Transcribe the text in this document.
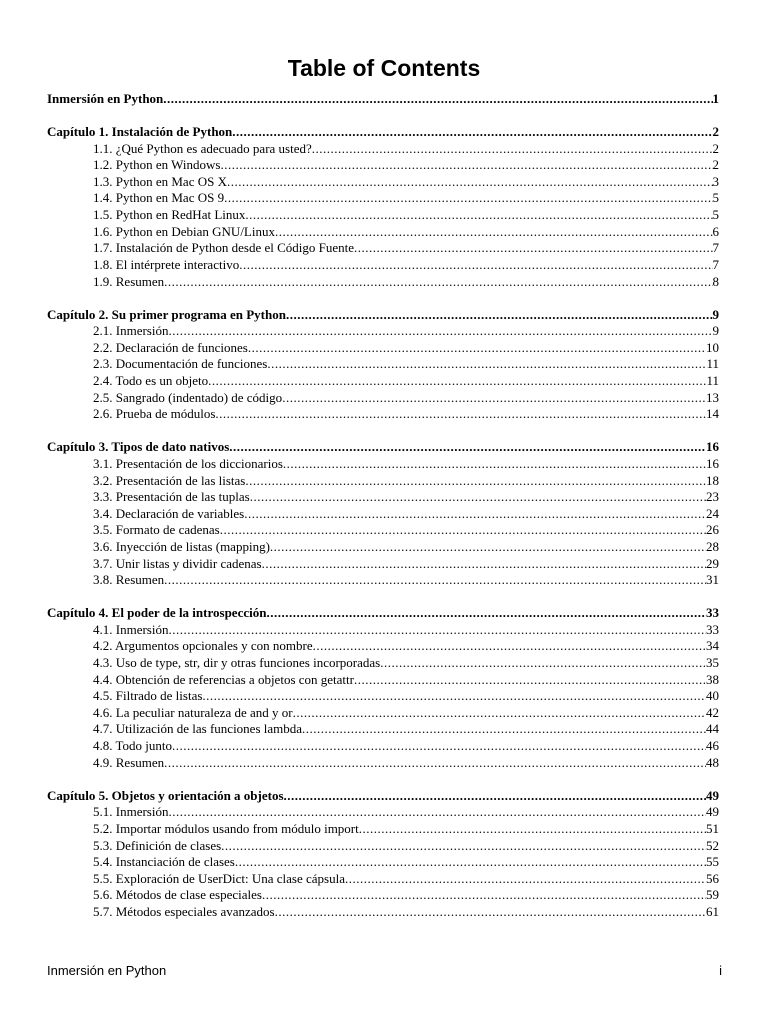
Table of Contents
Inmersión en Python .....	1
Capítulo 1. Instalación de Python .....	2
1.1. ¿Qué Python es adecuado para usted? .....	2
1.2. Python en Windows .....	2
1.3. Python en Mac OS X .....	3
1.4. Python en Mac OS 9 .....	5
1.5. Python en RedHat Linux .....	5
1.6. Python en Debian GNU/Linux .....	6
1.7. Instalación de Python desde el Código Fuente .....	7
1.8. El intérprete interactivo .....	7
1.9. Resumen .....	8
Capítulo 2. Su primer programa en Python .....	9
2.1. Inmersión .....	9
2.2. Declaración de funciones .....	10
2.3. Documentación de funciones .....	11
2.4. Todo es un objeto .....	11
2.5. Sangrado (indentado) de código .....	13
2.6. Prueba de módulos .....	14
Capítulo 3. Tipos de dato nativos .....	16
3.1. Presentación de los diccionarios .....	16
3.2. Presentación de las listas .....	18
3.3. Presentación de las tuplas .....	23
3.4. Declaración de variables .....	24
3.5. Formato de cadenas .....	26
3.6. Inyección de listas (mapping) .....	28
3.7. Unir listas y dividir cadenas .....	29
3.8. Resumen .....	31
Capítulo 4. El poder de la introspección .....	33
4.1. Inmersión .....	33
4.2. Argumentos opcionales y con nombre .....	34
4.3. Uso de type, str, dir y otras funciones incorporadas .....	35
4.4. Obtención de referencias a objetos con getattr .....	38
4.5. Filtrado de listas .....	40
4.6. La peculiar naturaleza de and y or .....	42
4.7. Utilización de las funciones lambda .....	44
4.8. Todo junto .....	46
4.9. Resumen .....	48
Capítulo 5. Objetos y orientación a objetos .....	49
5.1. Inmersión .....	49
5.2. Importar módulos usando from módulo import .....	51
5.3. Definición de clases .....	52
5.4. Instanciación de clases .....	55
5.5. Exploración de UserDict: Una clase cápsula .....	56
5.6. Métodos de clase especiales .....	59
5.7. Métodos especiales avanzados .....	61
Inmersión en Python	i
